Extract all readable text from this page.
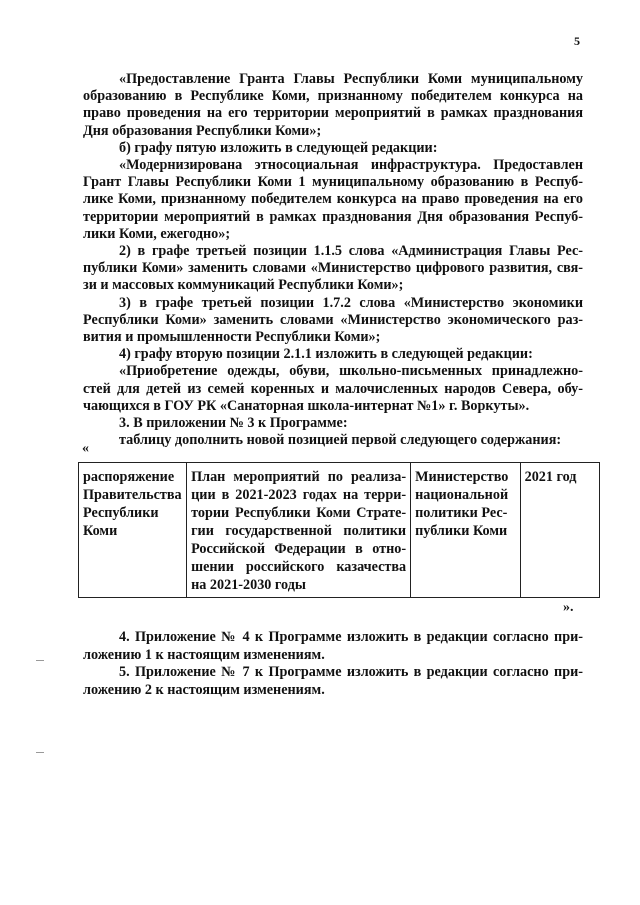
5
«Предоставление Гранта Главы Республики Коми муниципальному
образованию в Республике Коми, признанному победителем конкурса на
право проведения на его территории мероприятий в рамках празднования
Дня образования Республики Коми»;
б) графу пятую изложить в следующей редакции:
«Модернизирована этносоциальная инфраструктура. Предоставлен
Грант Главы Республики Коми 1 муниципальному образованию в Респуб-
лике Коми, признанному победителем конкурса на право проведения на его
территории мероприятий в рамках празднования Дня образования Респуб-
лики Коми, ежегодно»;
2) в графе третьей позиции 1.1.5 слова «Администрация Главы Рес-
публики Коми» заменить словами «Министерство цифрового развития, свя-
зи и массовых коммуникаций Республики Коми»;
3) в графе третьей позиции 1.7.2 слова «Министерство экономики
Республики Коми» заменить словами «Министерство экономического раз-
вития и промышленности Республики Коми»;
4) графу вторую позиции 2.1.1 изложить в следующей редакции:
«Приобретение одежды, обуви, школьно-письменных принадлежно-
стей для детей из семей коренных и малочисленных народов Севера, обу-
чающихся в ГОУ РК «Санаторная школа-интернат №1» г. Воркуты».
3. В приложении № 3 к Программе:
таблицу дополнить новой позицией первой следующего содержания:
«
распоряжение
Правительства
Республики
Коми

План мероприятий по реализа-
ции в 2021-2023 годах на терри-
тории Республики Коми Страте-
гии государственной политики
Российской Федерации в отно-
шении российского казачества
на 2021-2030 годы

Министерство
национальной
политики Рес-
публики Коми

2021 год
».
4. Приложение № 4 к Программе изложить в редакции согласно при-
ложению 1 к настоящим изменениям.
5. Приложение № 7 к Программе изложить в редакции согласно при-
ложению 2 к настоящим изменениям.
